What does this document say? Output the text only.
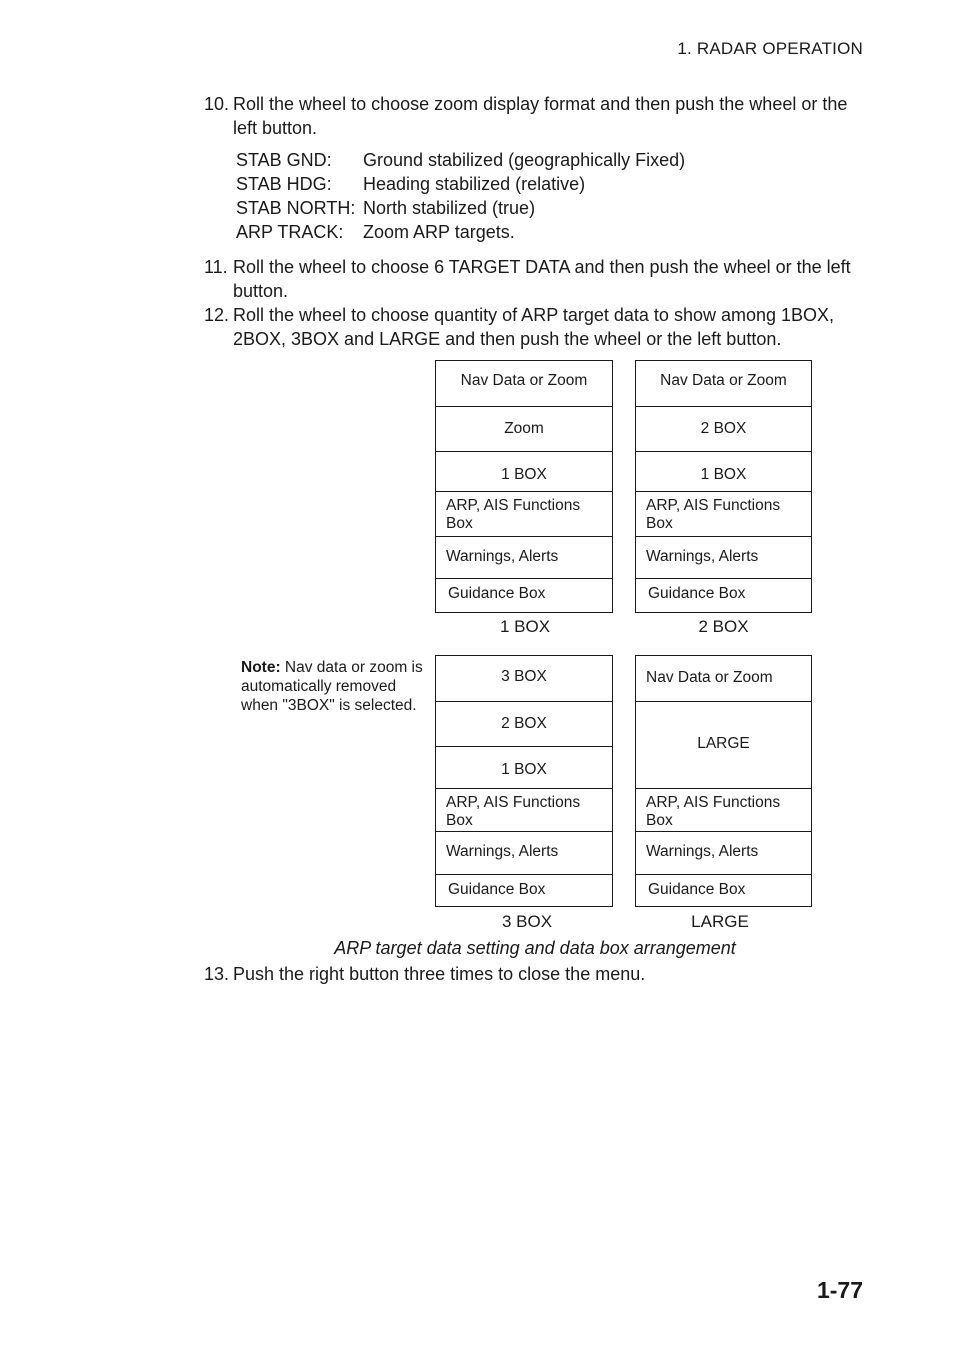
1. RADAR OPERATION
10. Roll the wheel to choose zoom display format and then push the wheel or the left button.
STAB GND: Ground stabilized (geographically Fixed)
STAB HDG: Heading stabilized (relative)
STAB NORTH: North stabilized (true)
ARP TRACK: Zoom ARP targets.
11. Roll the wheel to choose 6 TARGET DATA and then push the wheel or the left button.
12. Roll the wheel to choose quantity of ARP target data to show among 1BOX, 2BOX, 3BOX and LARGE and then push the wheel or the left button.
Nav Data or Zoom
Zoom
1 BOX
ARP, AIS Functions Box
Warnings, Alerts
Guidance Box
1 BOX
Nav Data or Zoom
2 BOX
1 BOX
ARP, AIS Functions Box
Warnings, Alerts
Guidance Box
2 BOX
Note: Nav data or zoom is automatically removed when "3BOX" is selected.
3 BOX
2 BOX
1 BOX
ARP, AIS Functions Box
Warnings, Alerts
Guidance Box
3 BOX
Nav Data or Zoom
LARGE
ARP, AIS Functions Box
Warnings, Alerts
Guidance Box
LARGE
ARP target data setting and data box arrangement
13. Push the right button three times to close the menu.
1-77
